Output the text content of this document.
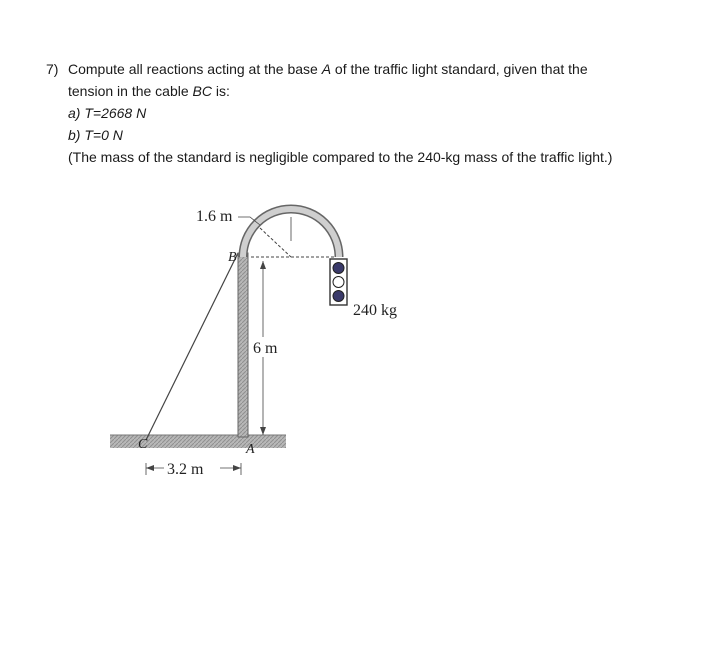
7) Compute all reactions acting at the base A of the traffic light standard, given that the
tension in the cable BC is:
a) T=2668 N
b) T=0 N
(The mass of the standard is negligible compared to the 240-kg mass of the traffic light.)
1.6 m
B
240 kg
6 m
C	A
3.2 m
